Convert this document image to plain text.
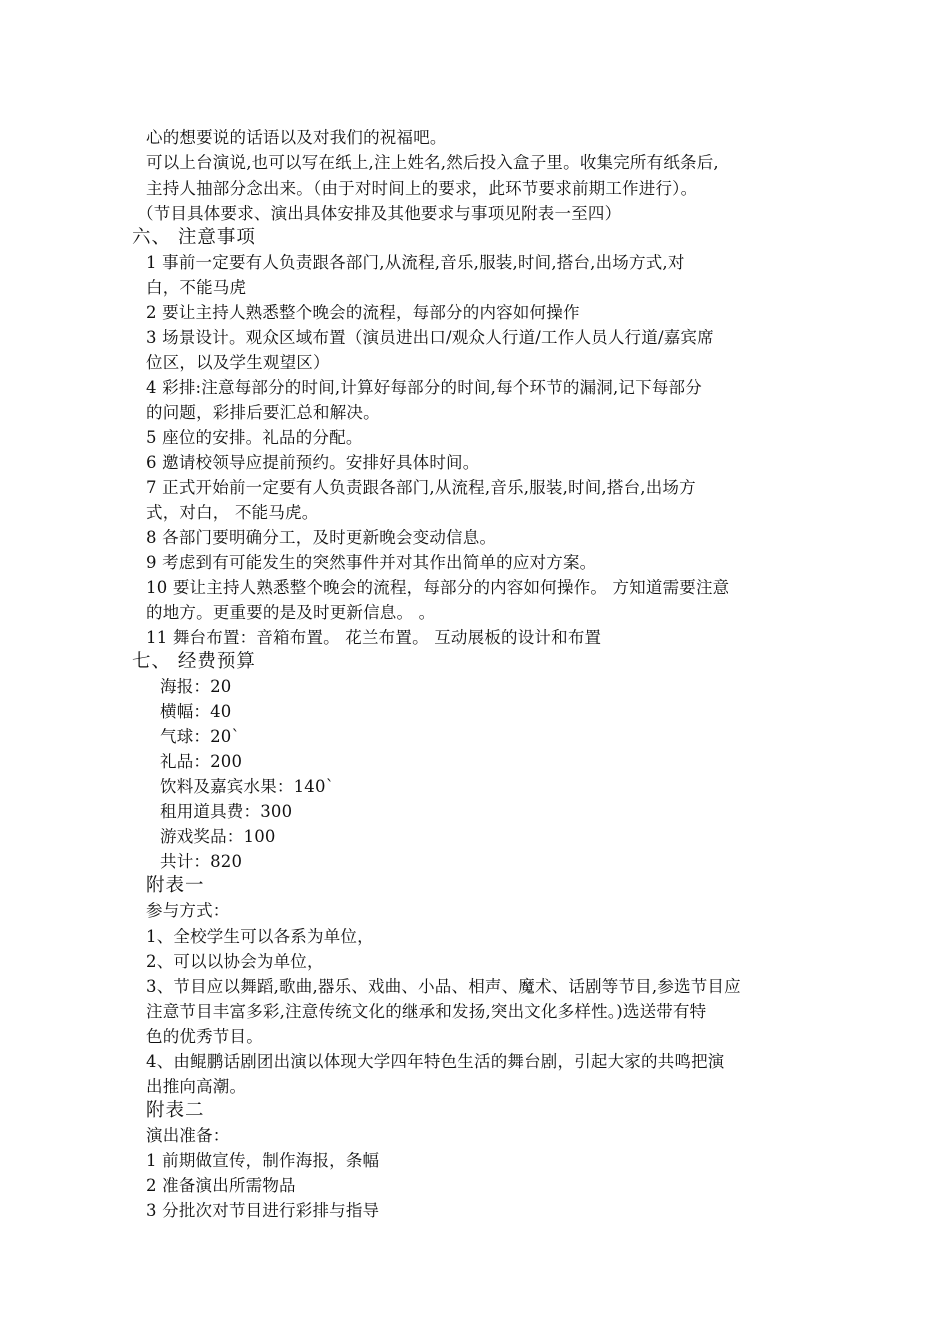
心的想要说的话语以及对我们的祝福吧。
可以上台演说,也可以写在纸上,注上姓名,然后投入盒子里。收集完所有纸条后,
主持人抽部分念出来。（由于对时间上的要求，此环节要求前期工作进行）。
（节目具体要求、演出具体安排及其他要求与事项见附表一至四）
六、 注意事项
1 事前一定要有人负责跟各部门,从流程,音乐,服装,时间,搭台,出场方式,对
白，不能马虎
2 要让主持人熟悉整个晚会的流程，每部分的内容如何操作
3 场景设计。观众区域布置（演员进出口/观众人行道/工作人员人行道/嘉宾席
位区，以及学生观望区）
4 彩排:注意每部分的时间,计算好每部分的时间,每个环节的漏洞,记下每部分
的问题，彩排后要汇总和解决。
5 座位的安排。礼品的分配。
6 邀请校领导应提前预约。安排好具体时间。
7 正式开始前一定要有人负责跟各部门,从流程,音乐,服装,时间,搭台,出场方
式，对白， 不能马虎。
8 各部门要明确分工，及时更新晚会变动信息。
9 考虑到有可能发生的突然事件并对其作出简单的应对方案。
10 要让主持人熟悉整个晚会的流程，每部分的内容如何操作。 方知道需要注意
的地方。更重要的是及时更新信息。 。
11 舞台布置：音箱布置。 花兰布置。 互动展板的设计和布置
七、 经费预算
海报：20
横幅：40
气球：20`
礼品：200
饮料及嘉宾水果：140`
租用道具费：300
游戏奖品：100
共计：820
附表一
参与方式：
1、全校学生可以各系为单位，
2、可以以协会为单位，
3、节目应以舞蹈,歌曲,器乐、戏曲、小品、相声、魔术、话剧等节目,参选节目应
注意节目丰富多彩,注意传统文化的继承和发扬,突出文化多样性。)选送带有特
色的优秀节目。
4、由鲲鹏话剧团出演以体现大学四年特色生活的舞台剧，引起大家的共鸣把演
出推向高潮。
附表二
演出准备：
1 前期做宣传，制作海报，条幅
2 准备演出所需物品
3 分批次对节目进行彩排与指导
